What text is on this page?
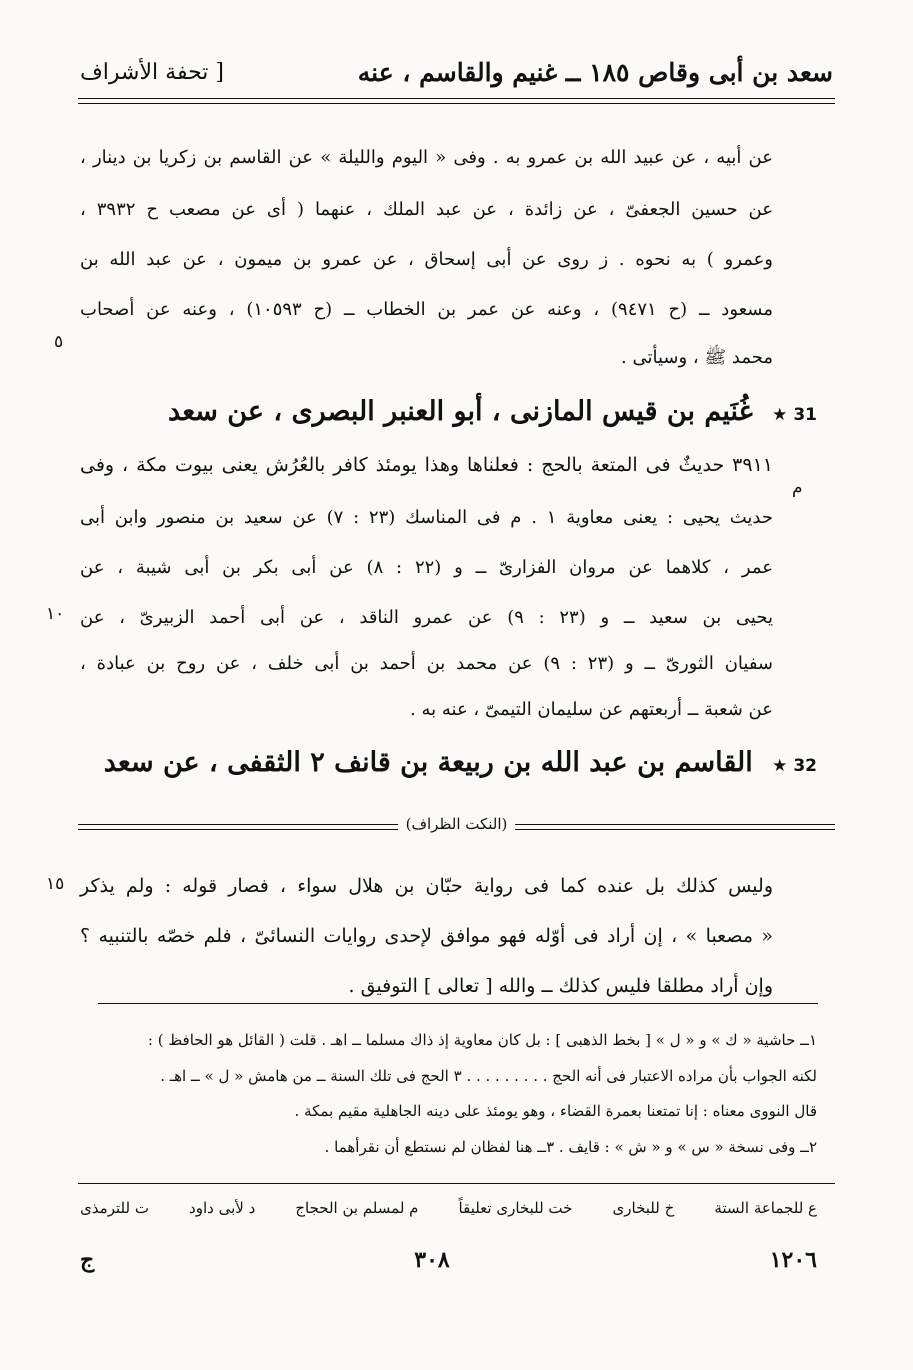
سعد بن أبى وقاص ١٨٥ ــ غنيم والقاسم ، عنه
[ تحفة الأشراف
عن أبيه ، عن عبيد الله بن عمرو به . وفى « اليوم والليلة » عن القاسم بن زكريا بن دينار ،
عن حسين الجعفىّ ، عن زائدة ، عن عبد الملك ، عنهما ( أى عن مصعب ح ٣٩٣٢ ،
وعمرو ) به نحوه . ز روى عن أبى إسحاق ، عن عمرو بن ميمون ، عن عبد الله بن
مسعود ــ (ح ٩٤٧١) ، وعنه عن عمر بن الخطاب ــ (ح ١٠٥٩٣) ، وعنه عن أصحاب
محمد ﷺ ، وسيأتى .
٥
31 ★ غُنَيم بن قيس المازنى ، أبو العنبر البصرى ، عن سعد
٣٩١١ حديثٌ فى المتعة بالحج : فعلناها وهذا يومئذ كافر بالعُرُش يعنى بيوت مكة ، وفى
م
حديث يحيى : يعنى معاوية ١ . م فى المناسك (٢٣ : ٧) عن سعيد بن منصور وابن أبى
عمر ، كلاهما عن مروان الفزارىّ ــ و (٢٢ : ٨) عن أبى بكر بن أبى شيبة ، عن
يحيى بن سعيد ــ و (٢٣ : ٩) عن عمرو الناقد ، عن أبى أحمد الزبيرىّ ، عن
١٠
سفيان الثورىّ ــ و (٢٣ : ٩) عن محمد بن أحمد بن أبى خلف ، عن روح بن عبادة ،
عن شعبة ــ أربعتهم عن سليمان التيمىّ ، عنه به .
32 ★ القاسم بن عبد الله بن ربيعة بن قانف ٢ الثقفى ، عن سعد
(النكت الظراف)
وليس كذلك بل عنده كما فى رواية حبّان بن هلال سواء ، فصار قوله : ولم يذكر
١٥
« مصعبا » ، إن أراد فى أوّله فهو موافق لإحدى روايات النسائىّ ، فلم خصّه بالتنبيه ؟
وإن أراد مطلقا فليس كذلك ــ والله [ تعالى ] التوفيق .
١ــ حاشية « ك » و « ل » [ بخط الذهبى ] : بل كان معاوية إذ ذاك مسلما ــ اهـ . قلت ( القائل هو الحافظ ) :
لكنه الجواب بأن مراده الاعتبار فى أنه الحج . . . . . . . . . ٣ الحج فى تلك السنة ــ من هامش « ل » ــ اهـ .
قال النووى معناه : إنا تمتعنا بعمرة القضاء ، وهو يومئذ على دينه الجاهلية مقيم بمكة .
٢ــ وفى نسخة « س » و « ش » : قايف . ٣ــ هنا لفظان لم نستطع أن نقرأهما .
ع للجماعة الستة
خ للبخارى
خت للبخارى تعليقاً
م لمسلم بن الحجاج
د لأبى داود
ت للترمذى
١٢٠٦
٣٠٨
ج
